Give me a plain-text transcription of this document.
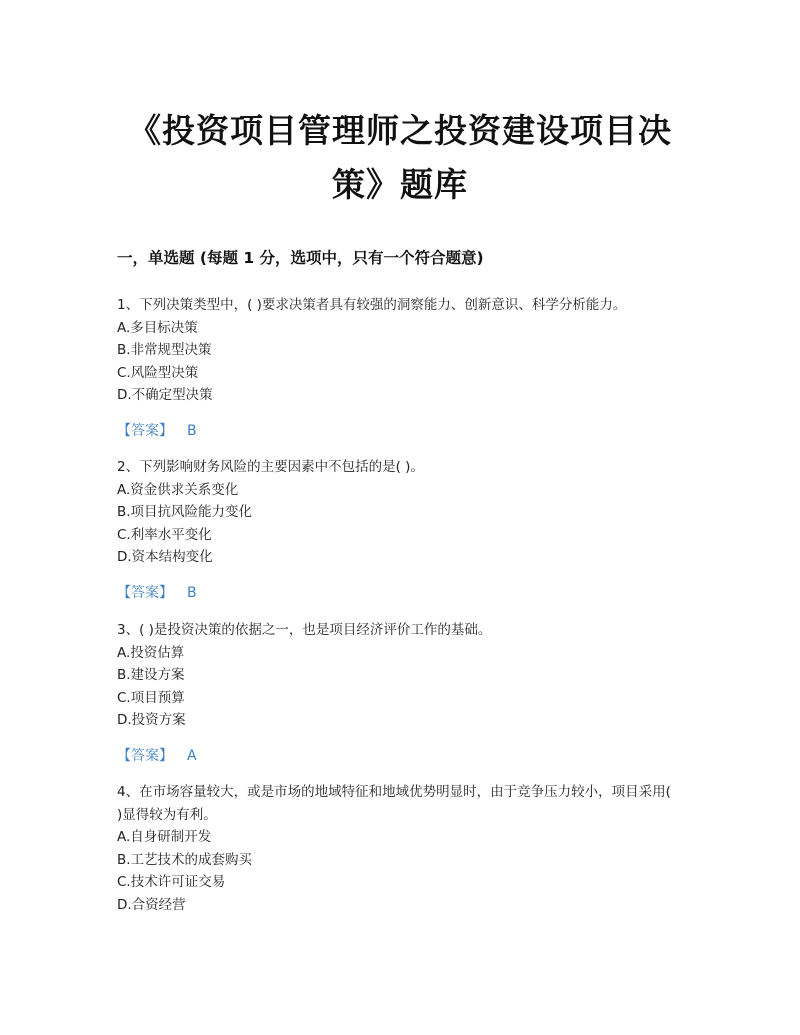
《投资项目管理师之投资建设项目决
策》题库
一，单选题 (每题 1 分，选项中，只有一个符合题意)
1、下列决策类型中，( )要求决策者具有较强的洞察能力、创新意识、科学分析能力。
A.多目标决策
B.非常规型决策
C.风险型决策
D.不确定型决策
【答案】 B
2、下列影响财务风险的主要因素中不包括的是( )。
A.资金供求关系变化
B.项目抗风险能力变化
C.利率水平变化
D.资本结构变化
【答案】 B
3、( )是投资决策的依据之一，也是项目经济评价工作的基础。
A.投资估算
B.建设方案
C.项目预算
D.投资方案
【答案】 A
4、在市场容量较大，或是市场的地域特征和地域优势明显时，由于竞争压力较小，项目采用( )显得较为有利。
A.自身研制开发
B.工艺技术的成套购买
C.技术许可证交易
D.合资经营
